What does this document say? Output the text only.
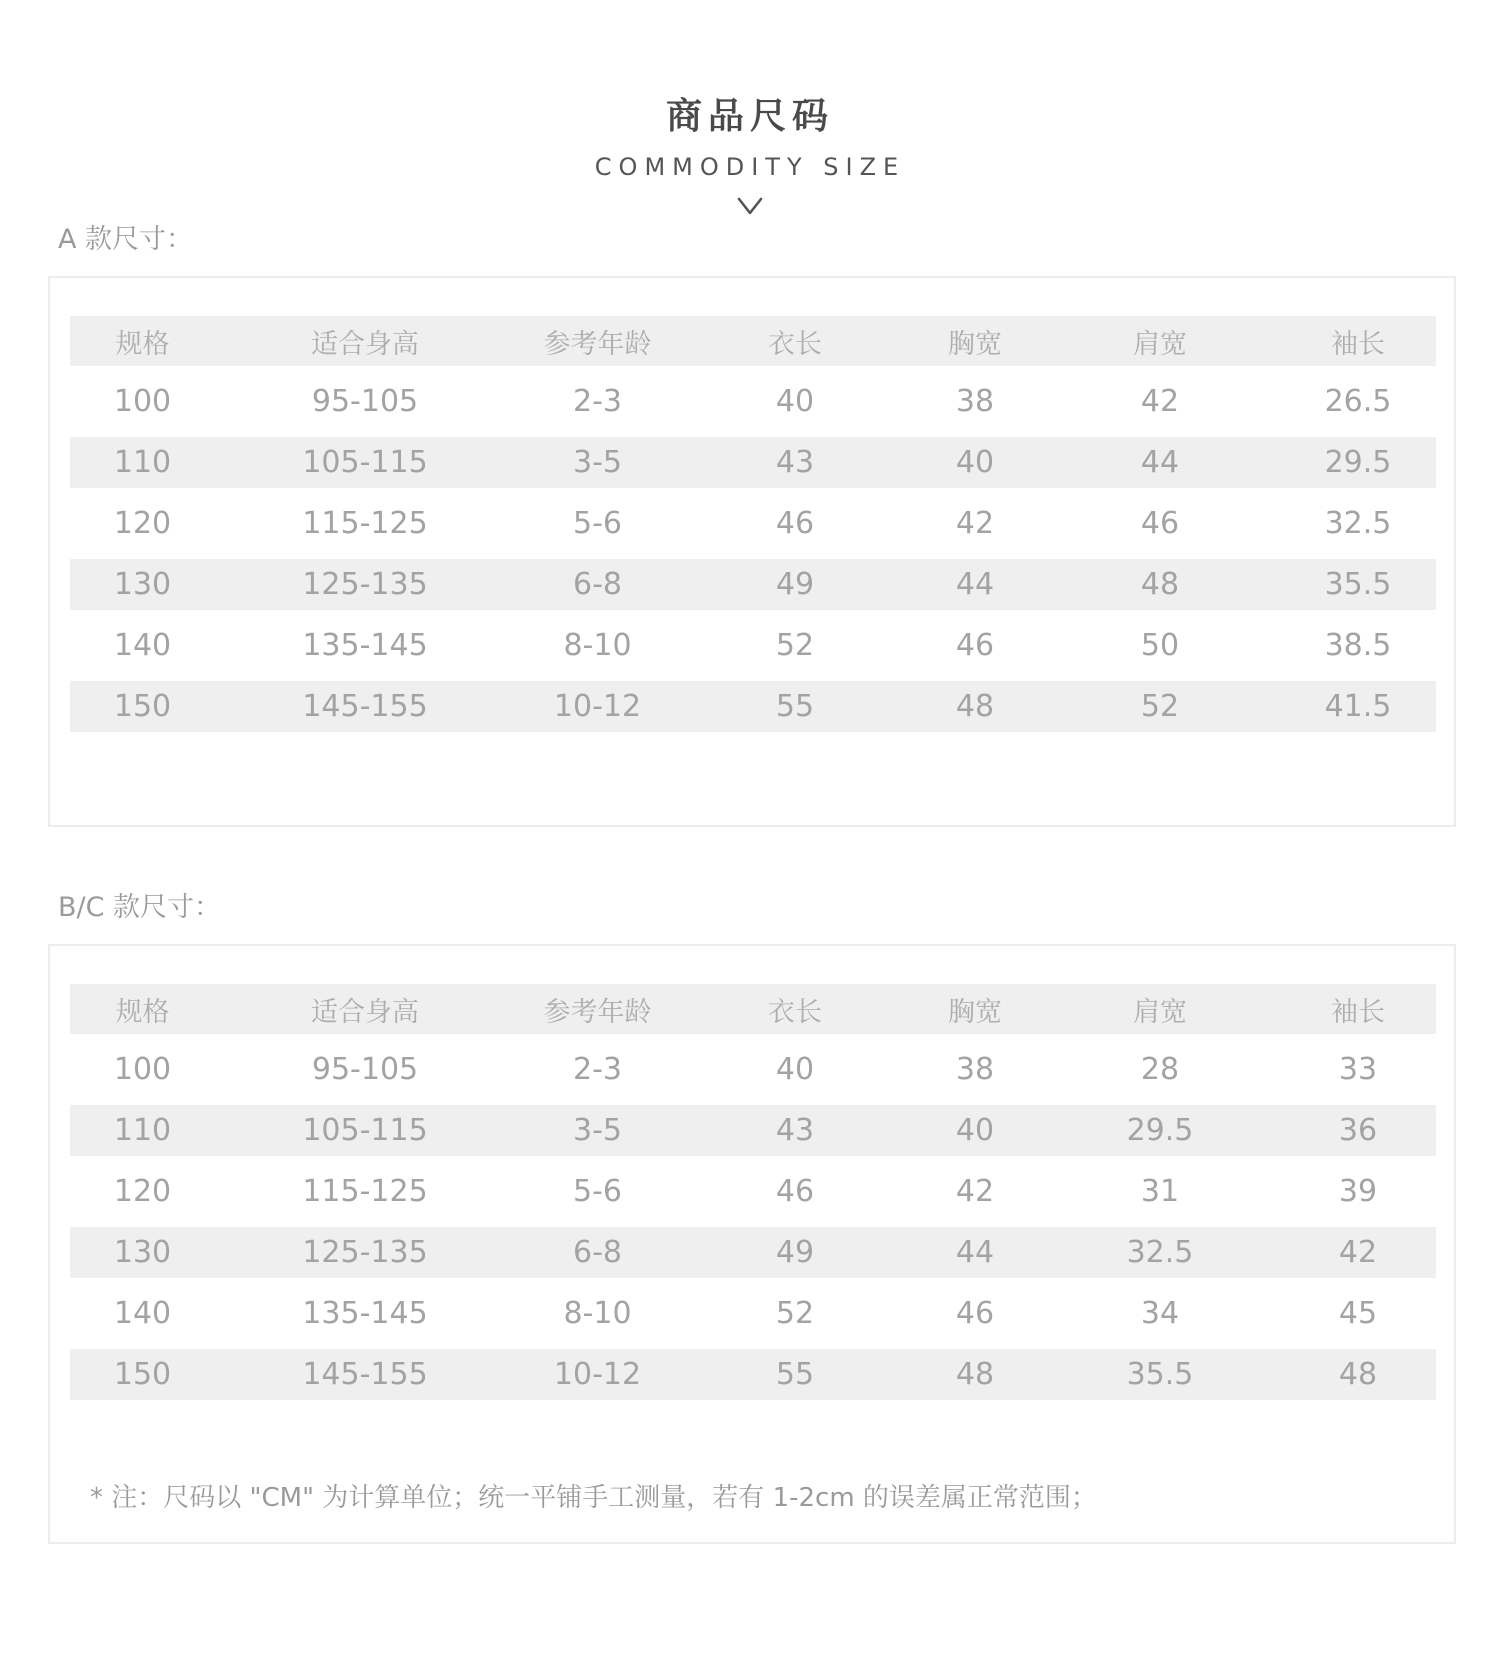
商品尺码
COMMODITY SIZE
A 款尺寸：
规格	适合身高	参考年龄	衣长	胸宽	肩宽	袖长
100	95-105	2-3	40	38	42	26.5
110	105-115	3-5	43	40	44	29.5
120	115-125	5-6	46	42	46	32.5
130	125-135	6-8	49	44	48	35.5
140	135-145	8-10	52	46	50	38.5
150	145-155	10-12	55	48	52	41.5
B/C 款尺寸：
规格	适合身高	参考年龄	衣长	胸宽	肩宽	袖长
100	95-105	2-3	40	38	28	33
110	105-115	3-5	43	40	29.5	36
120	115-125	5-6	46	42	31	39
130	125-135	6-8	49	44	32.5	42
140	135-145	8-10	52	46	34	45
150	145-155	10-12	55	48	35.5	48
* 注：尺码以 "CM" 为计算单位；统一平铺手工测量，若有 1-2cm 的误差属正常范围；
